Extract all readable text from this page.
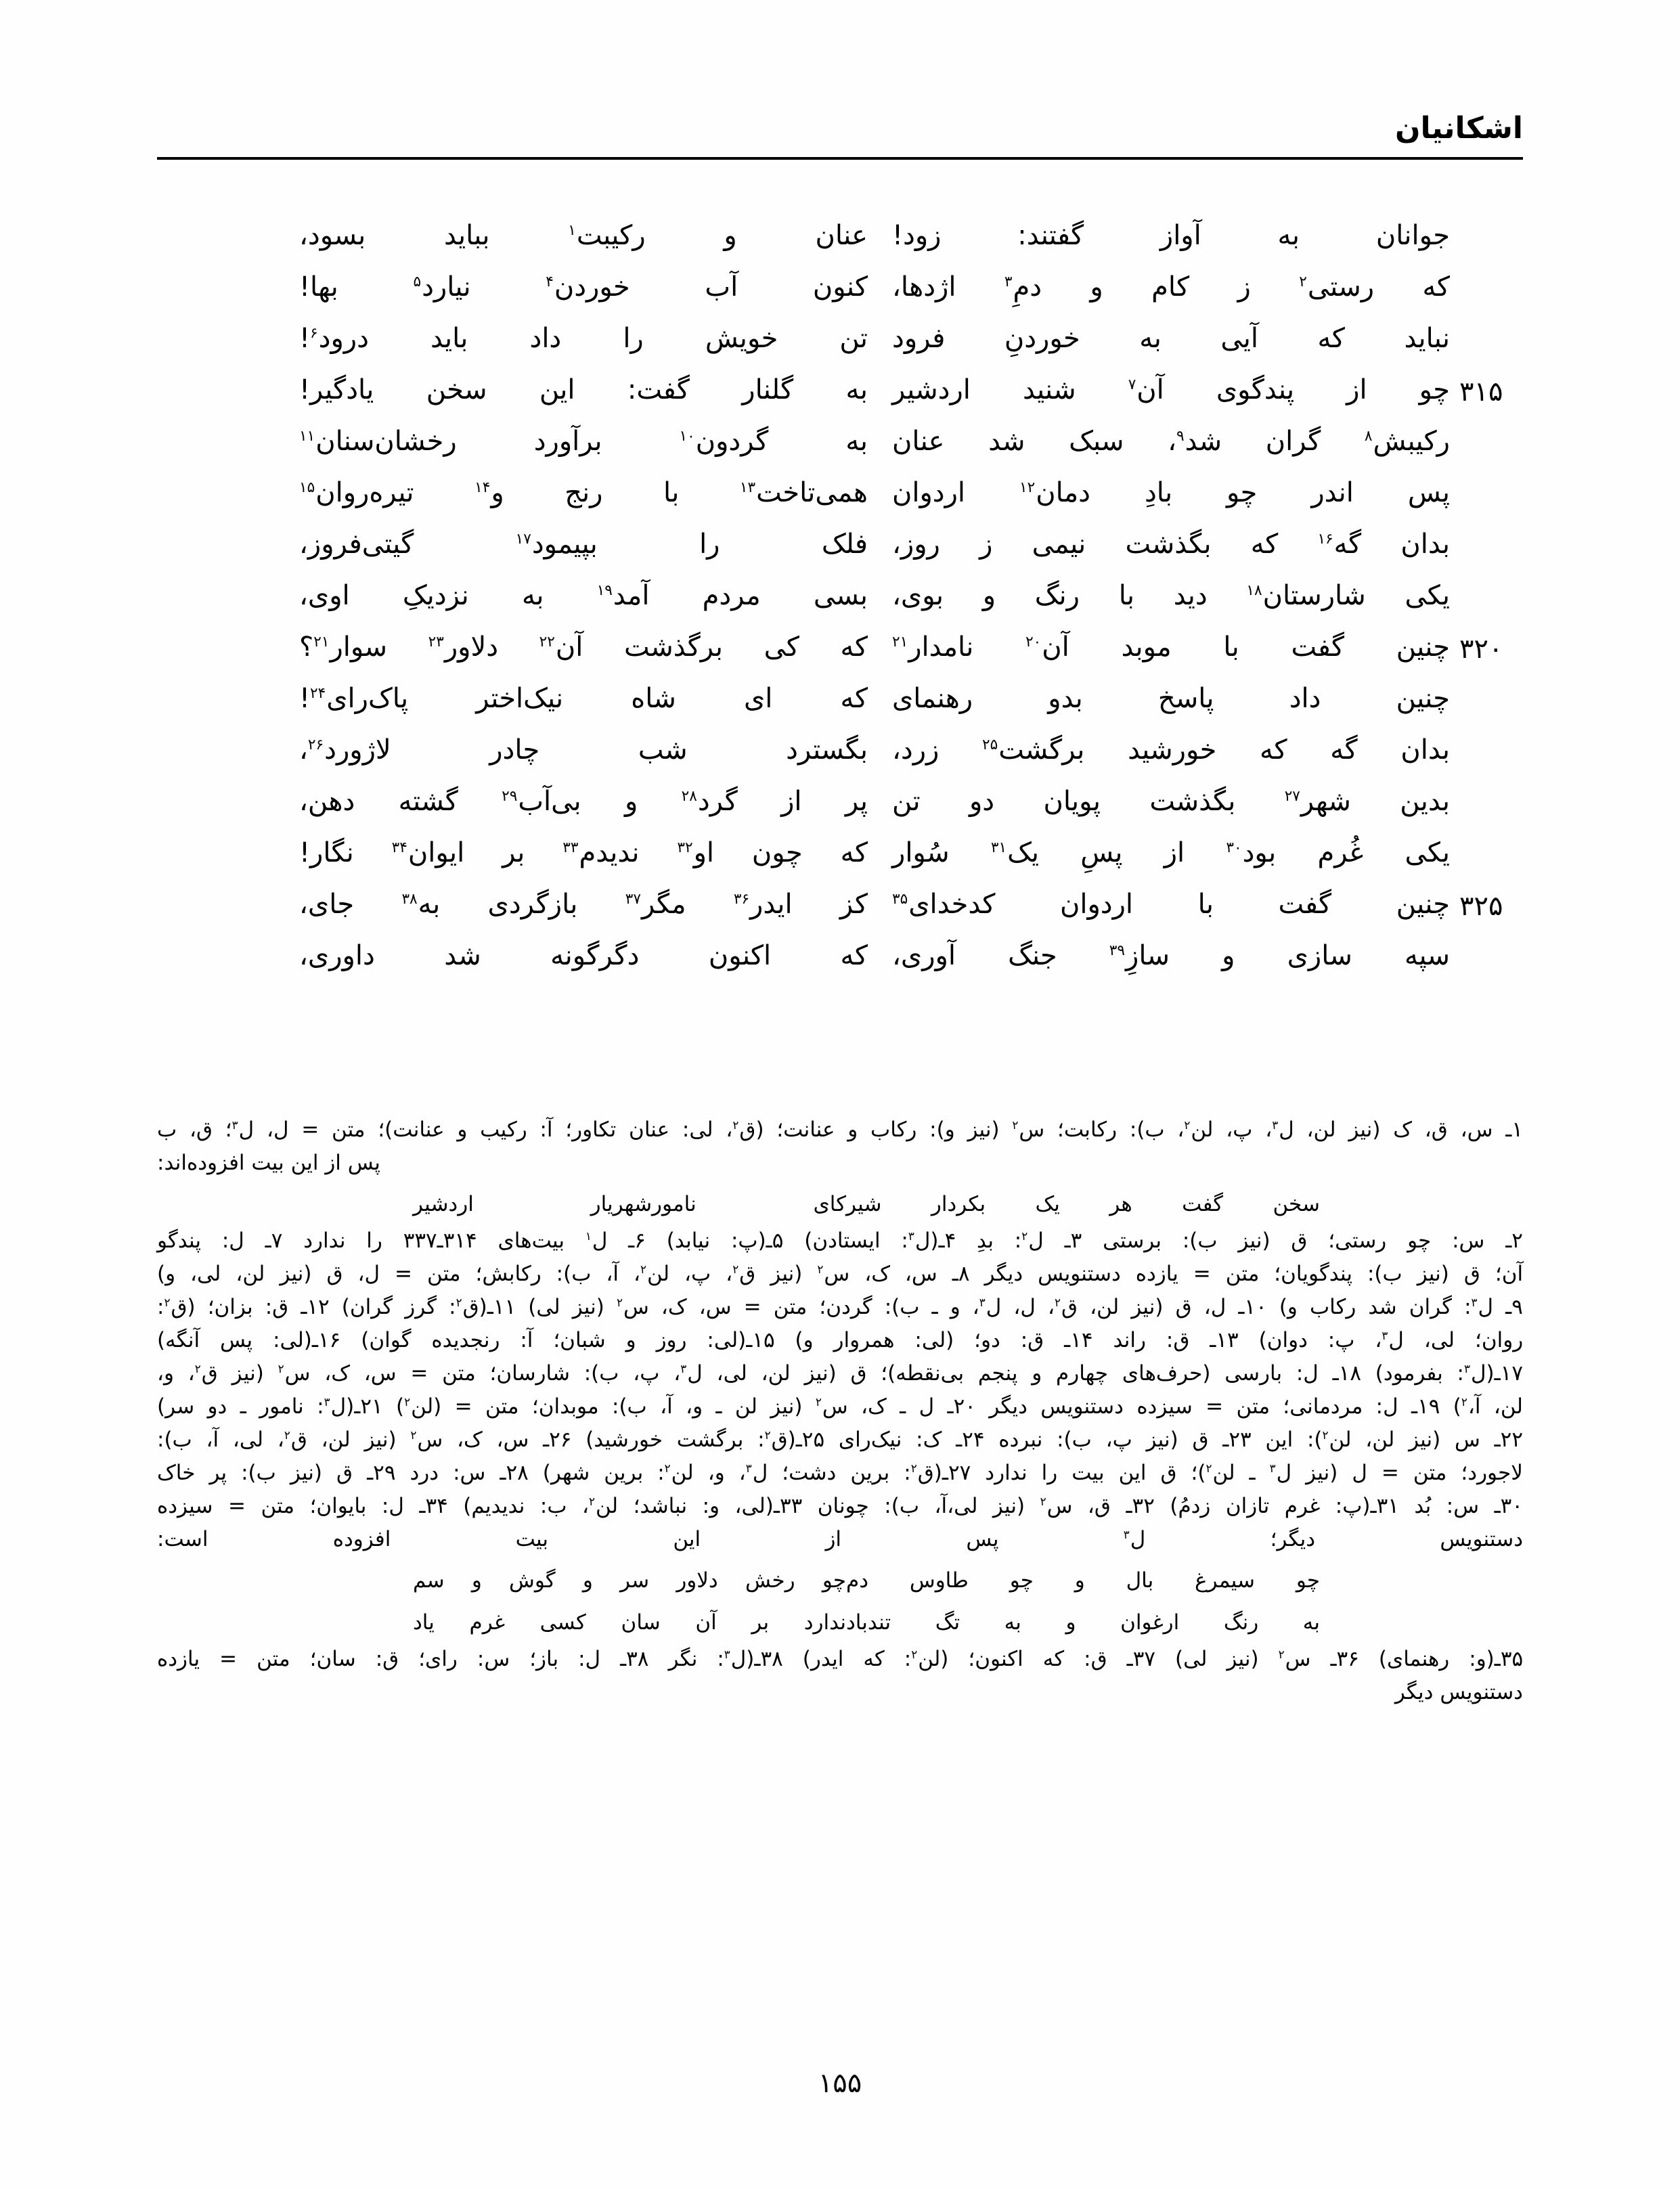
اشکانیان
جوانان به آواز گفتند: زود!
عنان و رکیبت$^۱$ بباید بسود،
که رستی$^۲$ ز کام و دمِ$^۳$ اژدها،
کنون آب خوردن$^۴$ نیارد$^۵$ بها!
نباید که آیی به خوردنِ فرود
تن خویش را داد باید درود$^۶$!
۳۱۵
چو از پندگوی آن$^۷$ شنید اردشیر
به گلنار گفت: این سخن یادگیر!
رکیبش$^۸$ گران شد$^۹$، سبک شد عنان
به گردون$^{۱۰}$ برآورد رخشان‌سنان$^{۱۱}$
پس اندر چو بادِ دمان$^{۱۲}$ اردوان
همی‌تاخت$^{۱۳}$ با رنج و$^{۱۴}$ تیره‌روان$^{۱۵}$
بدان گه$^{۱۶}$ که بگذشت نیمی ز روز،
فلک را بپیمود$^{۱۷}$ گیتی‌فروز،
یکی شارستان$^{۱۸}$ دید با رنگ و بوی،
بسی مردم آمد$^{۱۹}$ به نزدیکِ اوی،
۳۲۰
چنین گفت با موبد آن$^{۲۰}$ نامدار$^{۲۱}$
که کی برگذشت آن$^{۲۲}$ دلاور$^{۲۳}$ سوار$^{۲۱}$؟
چنین داد پاسخ بدو رهنمای
که ای شاه نیک‌اختر پاک‌رای$^{۲۴}$!
بدان گه که خورشید برگشت$^{۲۵}$ زرد،
بگسترد شب چادر لاژورد$^{۲۶}$،
بدین شهر$^{۲۷}$ بگذشت پویان دو تن
پر از گرد$^{۲۸}$ و بی‌آب$^{۲۹}$ گشته دهن،
یکی غُرم بود$^{۳۰}$ از پسِ یک$^{۳۱}$ سُوار
که چون او$^{۳۲}$ ندیدم$^{۳۳}$ بر ایوان$^{۳۴}$ نگار!
۳۲۵
چنین گفت با اردوان کدخدای$^{۳۵}$
کز ایدر$^{۳۶}$ مگر$^{۳۷}$ بازگردی به$^{۳۸}$ جای،
سپه سازی و سازِ$^{۳۹}$ جنگ آوری،
که اکنون دگرگونه شد داوری،
۱ـ س، ق، ک (نیز لن، ل$^۳$، پ، لن$^۲$، ب): رکابت؛ س$^۲$ (نیز و): رکاب و عنانت؛ (ق$^۲$، لی: عنان تکاور؛ آ: رکیب و عنانت)؛ متن = ل، ل$^۳$؛ ق، ب
پس از این بیت افزوده‌اند:
سخن گفت هر یک بکردار شیر
کای نامورشهریار اردشیر
۲ـ س: چو رستی؛ ق (نیز ب): برستی ۳ـ ل$^۲$: بدِ ۴ـ(ل$^۳$: ایستادن) ۵ـ(پ: نیابد) ۶ـ ل$^۱$ بیت‌های ۳۱۴ـ۳۳۷ را ندارد ۷ـ ل: پندگو
آن؛ ق (نیز ب): پندگویان؛ متن = یازده دستنویس دیگر ۸ـ س، ک، س$^۲$ (نیز ق$^۲$، پ، لن$^۲$، آ، ب): رکابش؛ متن = ل، ق (نیز لن، لی، و)
۹ـ ل$^۳$: گران شد رکاب و) ۱۰ـ ل، ق (نیز لن، ق$^۲$، ل، ل$^۳$، و ـ ب): گردن؛ متن = س، ک، س$^۲$ (نیز لی) ۱۱ـ(ق$^۲$: گرز گران) ۱۲ـ ق: بزان؛ (ق$^۲$:
روان؛ لی، ل$^۳$، پ: دوان) ۱۳ـ ق: راند ۱۴ـ ق: دو؛ (لی: همروار و) ۱۵ـ(لی: روز و شبان؛ آ: رنجدیده گوان) ۱۶ـ(لی: پس آنگه)
۱۷ـ(ل$^۳$: بفرمود) ۱۸ـ ل: بارسی (حرف‌های چهارم و پنجم بی‌نقطه)؛ ق (نیز لن، لی، ل$^۳$، پ، ب): شارسان؛ متن = س، ک، س$^۲$ (نیز ق$^۲$، و،
لن، آ،$^۲$) ۱۹ـ ل: مردمانی؛ متن = سیزده دستنویس دیگر ۲۰ـ ل ـ ک، س$^۲$ (نیز لن ـ و، آ، ب): موبدان؛ متن = (لن$^۲$) ۲۱ـ(ل$^۳$: نامور ـ دو سر)
۲۲ـ س (نیز لن، لن$^۲$): این ۲۳ـ ق (نیز پ، ب): نبرده ۲۴ـ ک: نیک‌رای ۲۵ـ(ق$^۲$: برگشت خورشید) ۲۶ـ س، ک، س$^۲$ (نیز لن، ق$^۲$، لی، آ، ب):
لاجورد؛ متن = ل (نیز ل$^۳$ ـ لن$^۲$)؛ ق این بیت را ندارد ۲۷ـ(ق$^۲$: برین دشت؛ ل$^۳$، و، لن$^۲$: برین شهر) ۲۸ـ س: درد ۲۹ـ ق (نیز ب): پر خاک
۳۰ـ س: بُد ۳۱ـ(پ: غرم تازان زدمُ) ۳۲ـ ق، س$^۲$ (نیز لی،آ، ب): چونان ۳۳ـ(لی، و: نباشد؛ لن$^۲$، ب: ندیدیم) ۳۴ـ ل: بایوان؛ متن = سیزده
دستنویس دیگر؛ ل$^۳$ پس از این بیت افزوده است:
چو سیمرغ بال و چو طاوس دم
چو رخش دلاور سر و گوش و سم
به رنگ ارغوان و به تگ تندباد
ندارد بر آن سان کسی غرم یاد
۳۵ـ(و: رهنمای) ۳۶ـ س$^۲$ (نیز لی) ۳۷ـ ق: که اکنون؛ (لن$^۲$: که ایدر) ۳۸ـ(ل$^۳$: نگر ۳۸ـ ل: باز؛ س: رای؛ ق: سان؛ متن = یازده
دستنویس دیگر
۱۵۵
